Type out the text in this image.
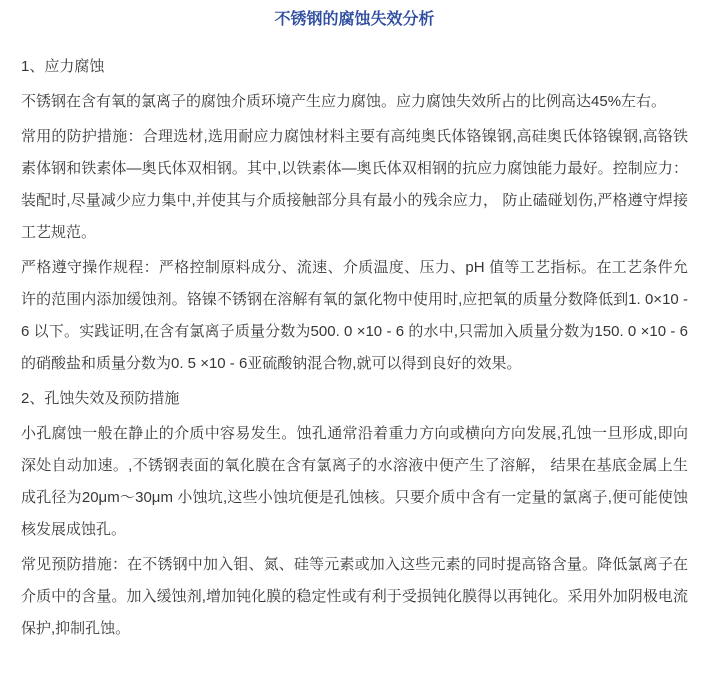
不锈钢的腐蚀失效分析

1、应力腐蚀

不锈钢在含有氧的氯离子的腐蚀介质环境产生应力腐蚀。应力腐蚀失效所占的比例高达45%左右。

常用的防护措施：合理选材,选用耐应力腐蚀材料主要有高纯奥氏体铬镍钢,高硅奥氏体铬镍钢,高铬铁素体钢和铁素体—奥氏体双相钢。其中,以铁素体—奥氏体双相钢的抗应力腐蚀能力最好。控制应力：装配时,尽量减少应力集中,并使其与介质接触部分具有最小的残余应力， 防止磕碰划伤,严格遵守焊接工艺规范。

严格遵守操作规程：严格控制原料成分、流速、介质温度、压力、pH 值等工艺指标。在工艺条件允许的范围内添加缓蚀剂。铬镍不锈钢在溶解有氧的氯化物中使用时,应把氧的质量分数降低到1. 0×10 - 6 以下。实践证明,在含有氯离子质量分数为500. 0 ×10 - 6 的水中,只需加入质量分数为150. 0 ×10 - 6 的硝酸盐和质量分数为0. 5 ×10 - 6亚硫酸钠混合物,就可以得到良好的效果。

2、孔蚀失效及预防措施

小孔腐蚀一般在静止的介质中容易发生。蚀孔通常沿着重力方向或横向方向发展,孔蚀一旦形成,即向深处自动加速。,不锈钢表面的氧化膜在含有氯离子的水溶液中便产生了溶解， 结果在基底金属上生成孔径为20μm～30μm 小蚀坑,这些小蚀坑便是孔蚀核。只要介质中含有一定量的氯离子,便可能使蚀核发展成蚀孔。

常见预防措施：在不锈钢中加入钼、氮、硅等元素或加入这些元素的同时提高铬含量。降低氯离子在介质中的含量。加入缓蚀剂,增加钝化膜的稳定性或有利于受损钝化膜得以再钝化。采用外加阴极电流保护,抑制孔蚀。
